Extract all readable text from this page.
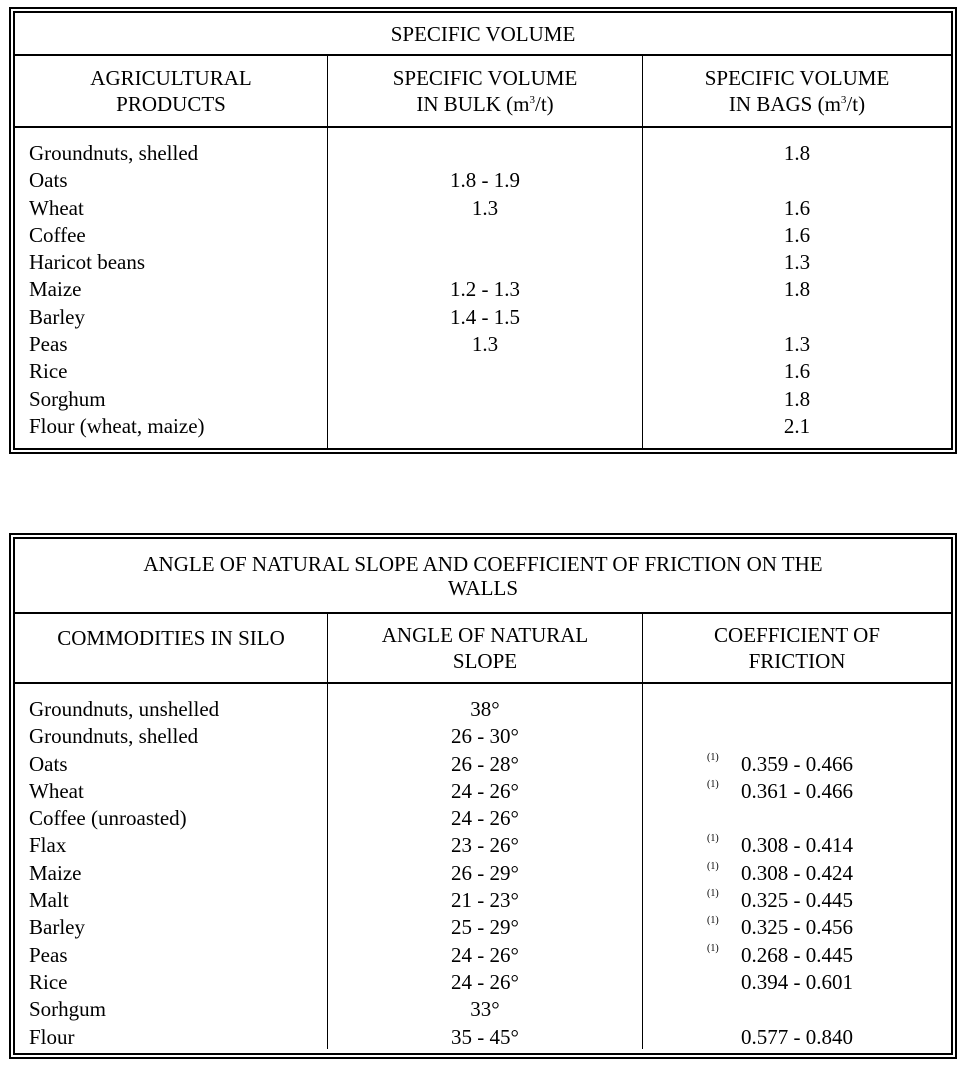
SPECIFIC VOLUME
AGRICULTURAL
PRODUCTS
SPECIFIC VOLUME
IN BULK $(m^3/t)$
SPECIFIC VOLUME
IN BAGS $(m^3/t)$
Groundnuts, shelled
Oats
Wheat
Coffee
Haricot beans
Maize
Barley
Peas
Rice
Sorghum
Flour (wheat, maize)
1.8 - 1.9
1.3
1.2 - 1.3
1.4 - 1.5
1.3
1.8
1.6
1.6
1.3
1.8
1.3
1.6
1.8
2.1
ANGLE OF NATURAL SLOPE AND COEFFICIENT OF FRICTION ON THE
WALLS
COMMODITIES IN SILO	ANGLE OF NATURAL
SLOPE
COEFFICIENT OF
FRICTION
Groundnuts, unshelled
Groundnuts, shelled
Oats
Wheat
Coffee (unroasted)
Flax
Maize
Malt
Barley
Peas
Rice
Sorhgum
Flour
38°
26 - 30°
26 - 28°
24 - 26°
24 - 26°
23 - 26°
26 - 29°
21 - 23°
25 - 29°
24 - 26°
24 - 26°
33°
35 - 45°
(1) 0.359 - 0.466
(1) 0.361 - 0.466
(1) 0.308 - 0.414
(1) 0.308 - 0.424
(1) 0.325 - 0.445
(1) 0.325 - 0.456
(1) 0.268 - 0.445
0.394 - 0.601
0.577 - 0.840
